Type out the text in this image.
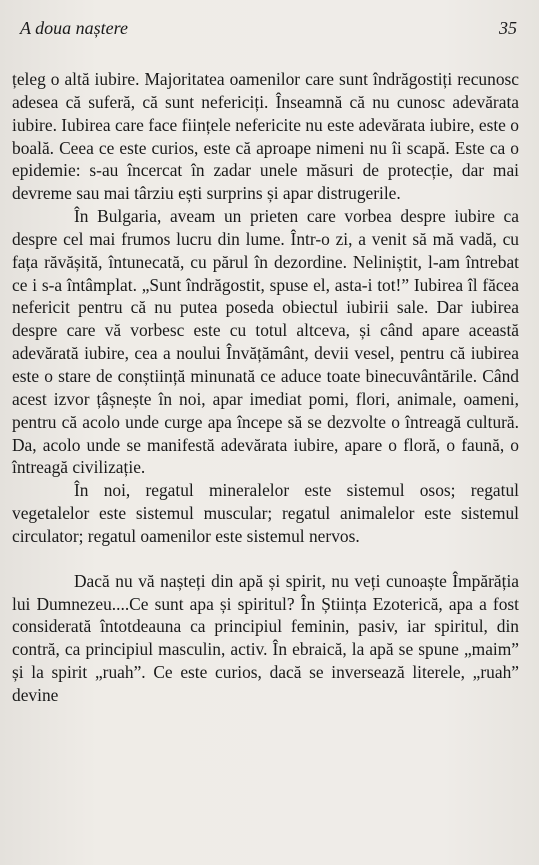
A doua naștere	35

țeleg o altă iubire. Majoritatea oamenilor care sunt îndrăgostiți recunosc adesea că suferă, că sunt nefericiți. Înseamnă că nu cunosc adevărata iubire. Iubirea care face ființele nefericite nu este adevărata iubire, este o boală. Ceea ce este curios, este că aproape nimeni nu îi scapă. Este ca o epidemie: s-au încercat în zadar unele măsuri de protecție, dar mai devreme sau mai târziu ești surprins și apar distrugerile.

În Bulgaria, aveam un prieten care vorbea despre iubire ca despre cel mai frumos lucru din lume. Într-o zi, a venit să mă vadă, cu fața răvășită, întunecată, cu părul în dezordine. Neliniștit, l-am întrebat ce i s-a întâmplat. „Sunt îndrăgostit, spuse el, asta-i tot!” Iubirea îl făcea nefericit pentru că nu putea poseda obiectul iubirii sale. Dar iubirea despre care vă vorbesc este cu totul altceva, și când apare această adevărată iubire, cea a noului Învățământ, devii vesel, pentru că iubirea este o stare de conștiință minunată ce aduce toate binecuvântările. Când acest izvor țâșnește în noi, apar imediat pomi, flori, animale, oameni, pentru că acolo unde curge apa începe să se dezvolte o întreagă cultură. Da, acolo unde se manifestă adevărata iubire, apare o floră, o faună, o întreagă civilizație.

În noi, regatul mineralelor este sistemul osos; regatul vegetalelor este sistemul muscular; regatul animalelor este sistemul circulator; regatul oamenilor este sistemul nervos.

Dacă nu vă nașteți din apă și spirit, nu veți cunoaște Împărăția lui Dumnezeu....Ce sunt apa și spiritul? În Știința Ezoterică, apa a fost considerată întotdeauna ca principiul feminin, pasiv, iar spiritul, din contră, ca principiul masculin, activ. În ebraică, la apă se spune „maim” și la spirit „ruah”. Ce este curios, dacă se inversează literele, „ruah” devine
